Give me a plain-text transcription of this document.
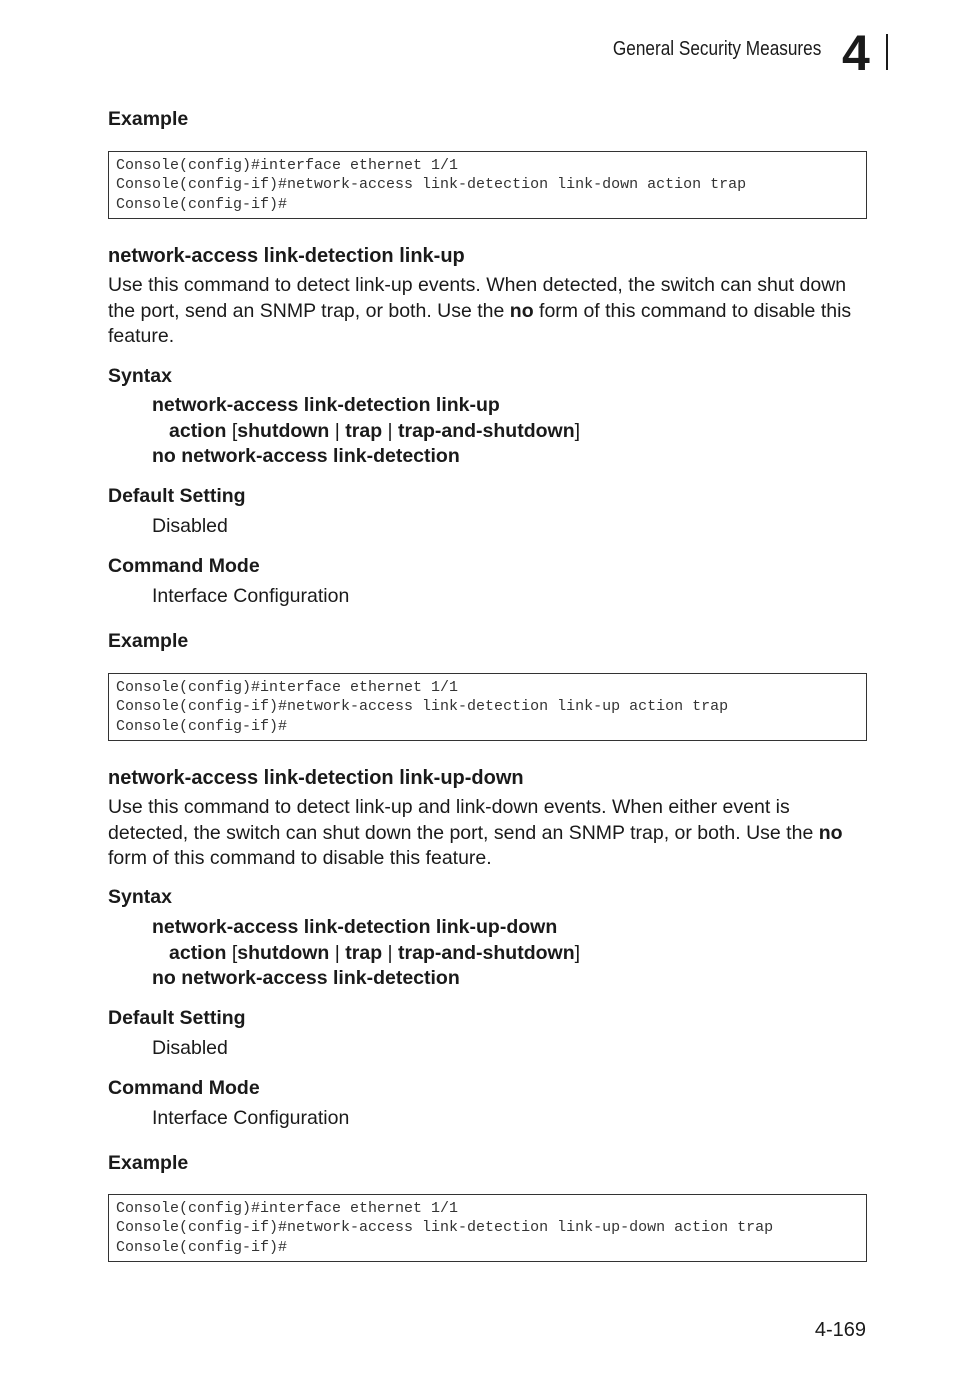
General Security Measures 4
Example
Console(config)#interface ethernet 1/1
Console(config-if)#network-access link-detection link-down action trap
Console(config-if)#
network-access link-detection link-up
Use this command to detect link-up events. When detected, the switch can shut down the port, send an SNMP trap, or both. Use the no form of this command to disable this feature.
Syntax
network-access link-detection link-up
action [shutdown | trap | trap-and-shutdown]
no network-access link-detection
Default Setting
Disabled
Command Mode
Interface Configuration
Example
Console(config)#interface ethernet 1/1
Console(config-if)#network-access link-detection link-up action trap
Console(config-if)#
network-access link-detection link-up-down
Use this command to detect link-up and link-down events. When either event is detected, the switch can shut down the port, send an SNMP trap, or both. Use the no form of this command to disable this feature.
Syntax
network-access link-detection link-up-down
action [shutdown | trap | trap-and-shutdown]
no network-access link-detection
Default Setting
Disabled
Command Mode
Interface Configuration
Example
Console(config)#interface ethernet 1/1
Console(config-if)#network-access link-detection link-up-down action trap
Console(config-if)#
4-169
